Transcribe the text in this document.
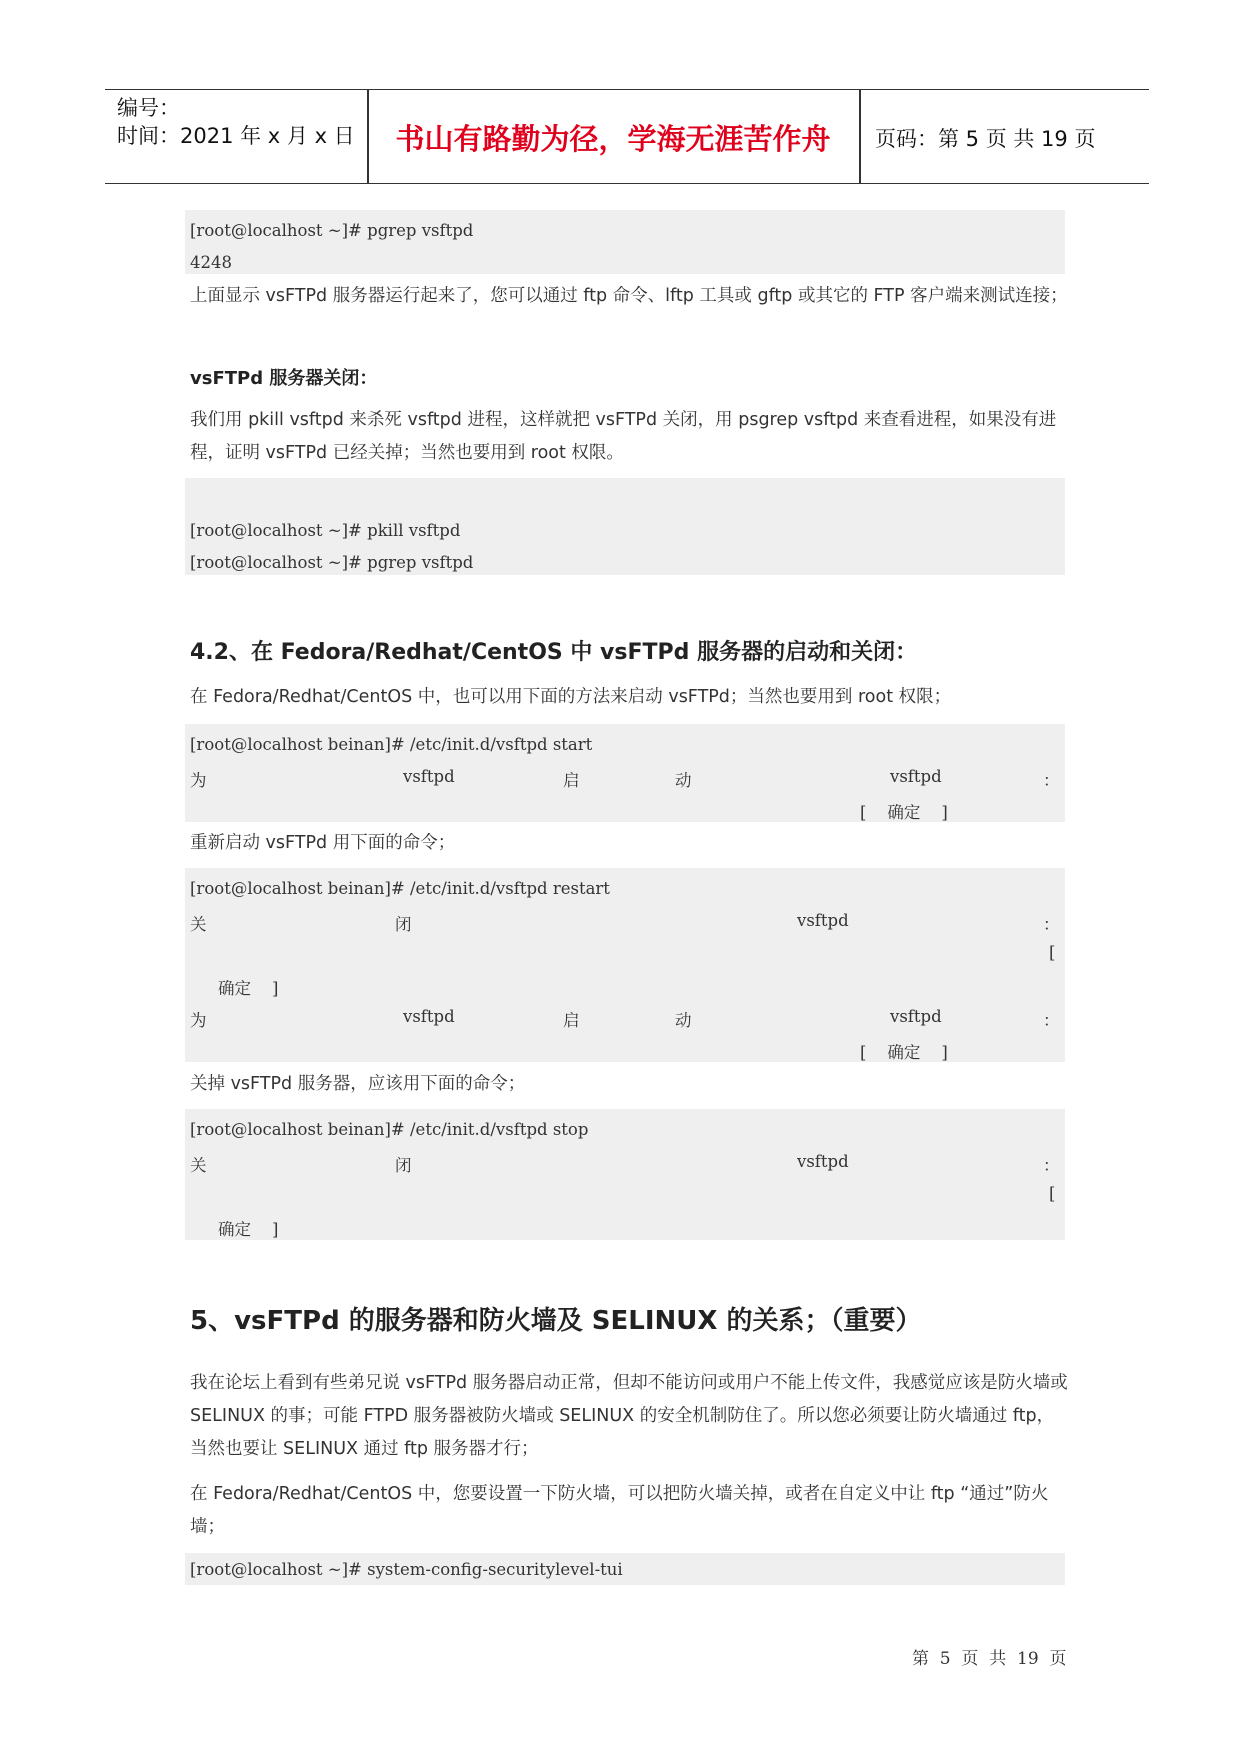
编号：
时间：2021 年 x 月 x 日	书山有路勤为径，学海无涯苦作舟	页码：第 5 页 共 19 页
[root@localhost ~]# pgrep vsftpd
4248
上面显示 vsFTPd 服务器运行起来了，您可以通过 ftp 命令、lftp 工具或 gftp 或其它的 FTP 客户端来测试连接；
vsFTPd 服务器关闭：
我们用 pkill vsftpd 来杀死 vsftpd 进程，这样就把 vsFTPd 关闭，用 psgrep vsftpd 来查看进程，如果没有进程，证明 vsFTPd 已经关掉；当然也要用到 root 权限。
[root@localhost ~]# pkill vsftpd
[root@localhost ~]# pgrep vsftpd
4.2、在 Fedora/Redhat/CentOS 中 vsFTPd 服务器的启动和关闭：
在 Fedora/Redhat/CentOS 中，也可以用下面的方法来启动 vsFTPd；当然也要用到 root 权限；
[root@localhost beinan]# /etc/init.d/vsftpd start
为	vsftpd	启	动	vsftpd	：
[    确定    ]
重新启动 vsFTPd 用下面的命令；
[root@localhost beinan]# /etc/init.d/vsftpd restart
关	闭	vsftpd	：
[
确定    ]
为	vsftpd	启	动	vsftpd	：
[    确定    ]
关掉 vsFTPd 服务器，应该用下面的命令；
[root@localhost beinan]# /etc/init.d/vsftpd stop
关	闭	vsftpd	：
[
确定    ]
5、vsFTPd 的服务器和防火墙及 SELINUX 的关系；（重要）
我在论坛上看到有些弟兄说 vsFTPd 服务器启动正常，但却不能访问或用户不能上传文件，我感觉应该是防火墙或 SELINUX 的事；可能 FTPD 服务器被防火墙或 SELINUX 的安全机制防住了。所以您必须要让防火墙通过 ftp，当然也要让 SELINUX 通过 ftp 服务器才行；
在 Fedora/Redhat/CentOS 中，您要设置一下防火墙，可以把防火墙关掉，或者在自定义中让 ftp “通过”防火墙；
[root@localhost ~]# system-config-securitylevel-tui
第  5  页  共  19  页
